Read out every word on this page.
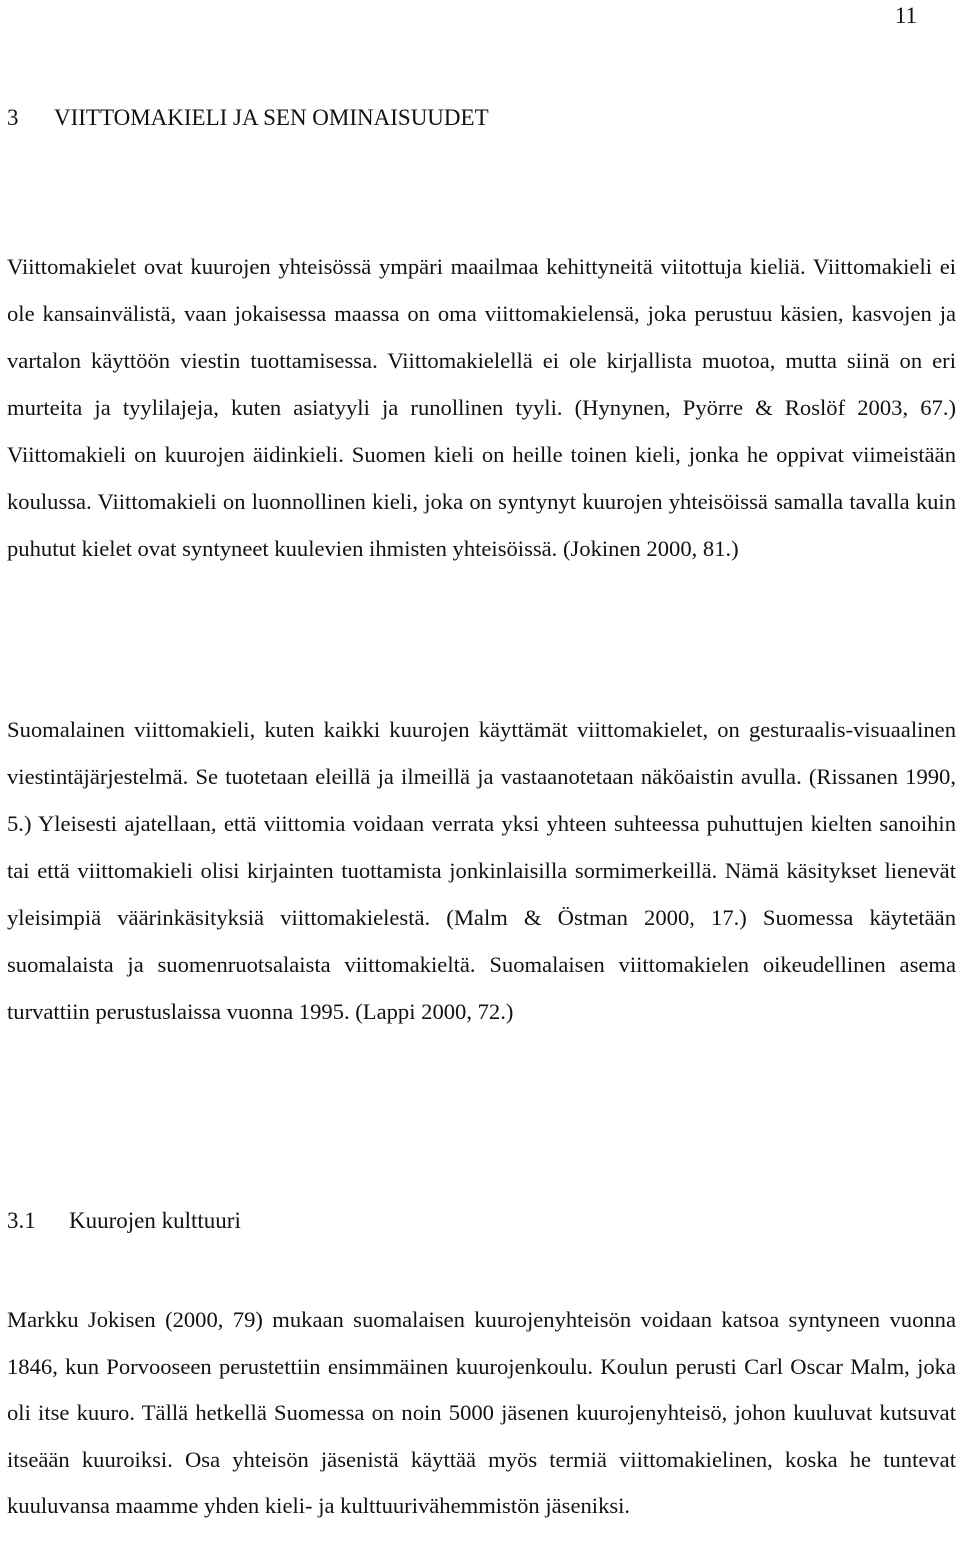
11
3 VIITTOMAKIELI JA SEN OMINAISUUDET

Viittomakielet ovat kuurojen yhteisössä ympäri maailmaa kehittyneitä viitottuja kieliä. Viittomakieli ei ole kansainvälistä, vaan jokaisessa maassa on oma viittomakielensä, joka perustuu käsien, kasvojen ja vartalon käyttöön viestin tuottamisessa. Viittomakielellä ei ole kirjallista muotoa, mutta siinä on eri murteita ja tyylilajeja, kuten asiatyyli ja runollinen tyyli. (Hynynen, Pyörre & Roslöf 2003, 67.) Viittomakieli on kuurojen äidinkieli. Suomen kieli on heille toinen kieli, jonka he oppivat viimeistään koulussa. Viittomakieli on luonnollinen kieli, joka on syntynyt kuurojen yhteisöissä samalla tavalla kuin puhutut kielet ovat syntyneet kuulevien ihmisten yhteisöissä. (Jokinen 2000, 81.)

Suomalainen viittomakieli, kuten kaikki kuurojen käyttämät viittomakielet, on gesturaalis-visuaalinen viestintäjärjestelmä. Se tuotetaan eleillä ja ilmeillä ja vastaanotetaan näköaistin avulla. (Rissanen 1990, 5.) Yleisesti ajatellaan, että viittomia voidaan verrata yksi yhteen suhteessa puhuttujen kielten sanoihin tai että viittomakieli olisi kirjainten tuottamista jonkinlaisilla sormimerkeillä. Nämä käsitykset lienevät yleisimpiä väärinkäsityksiä viittomakielestä. (Malm & Östman 2000, 17.) Suomessa käytetään suomalaista ja suomenruotsalaista viittomakieltä. Suomalaisen viittomakielen oikeudellinen asema turvattiin perustuslaissa vuonna 1995. (Lappi 2000, 72.)

3.1 Kuurojen kulttuuri

Markku Jokisen (2000, 79) mukaan suomalaisen kuurojenyhteisön voidaan katsoa syntyneen vuonna 1846, kun Porvooseen perustettiin ensimmäinen kuurojenkoulu. Koulun perusti Carl Oscar Malm, joka oli itse kuuro. Tällä hetkellä Suomessa on noin 5000 jäsenen kuurojenyhteisö, johon kuuluvat kutsuvat itseään kuuroiksi. Osa yhteisön jäsenistä käyttää myös termiä viittomakielinen, koska he tuntevat kuuluvansa maamme yhden kieli- ja kulttuurivähemmistön jäseniksi.
